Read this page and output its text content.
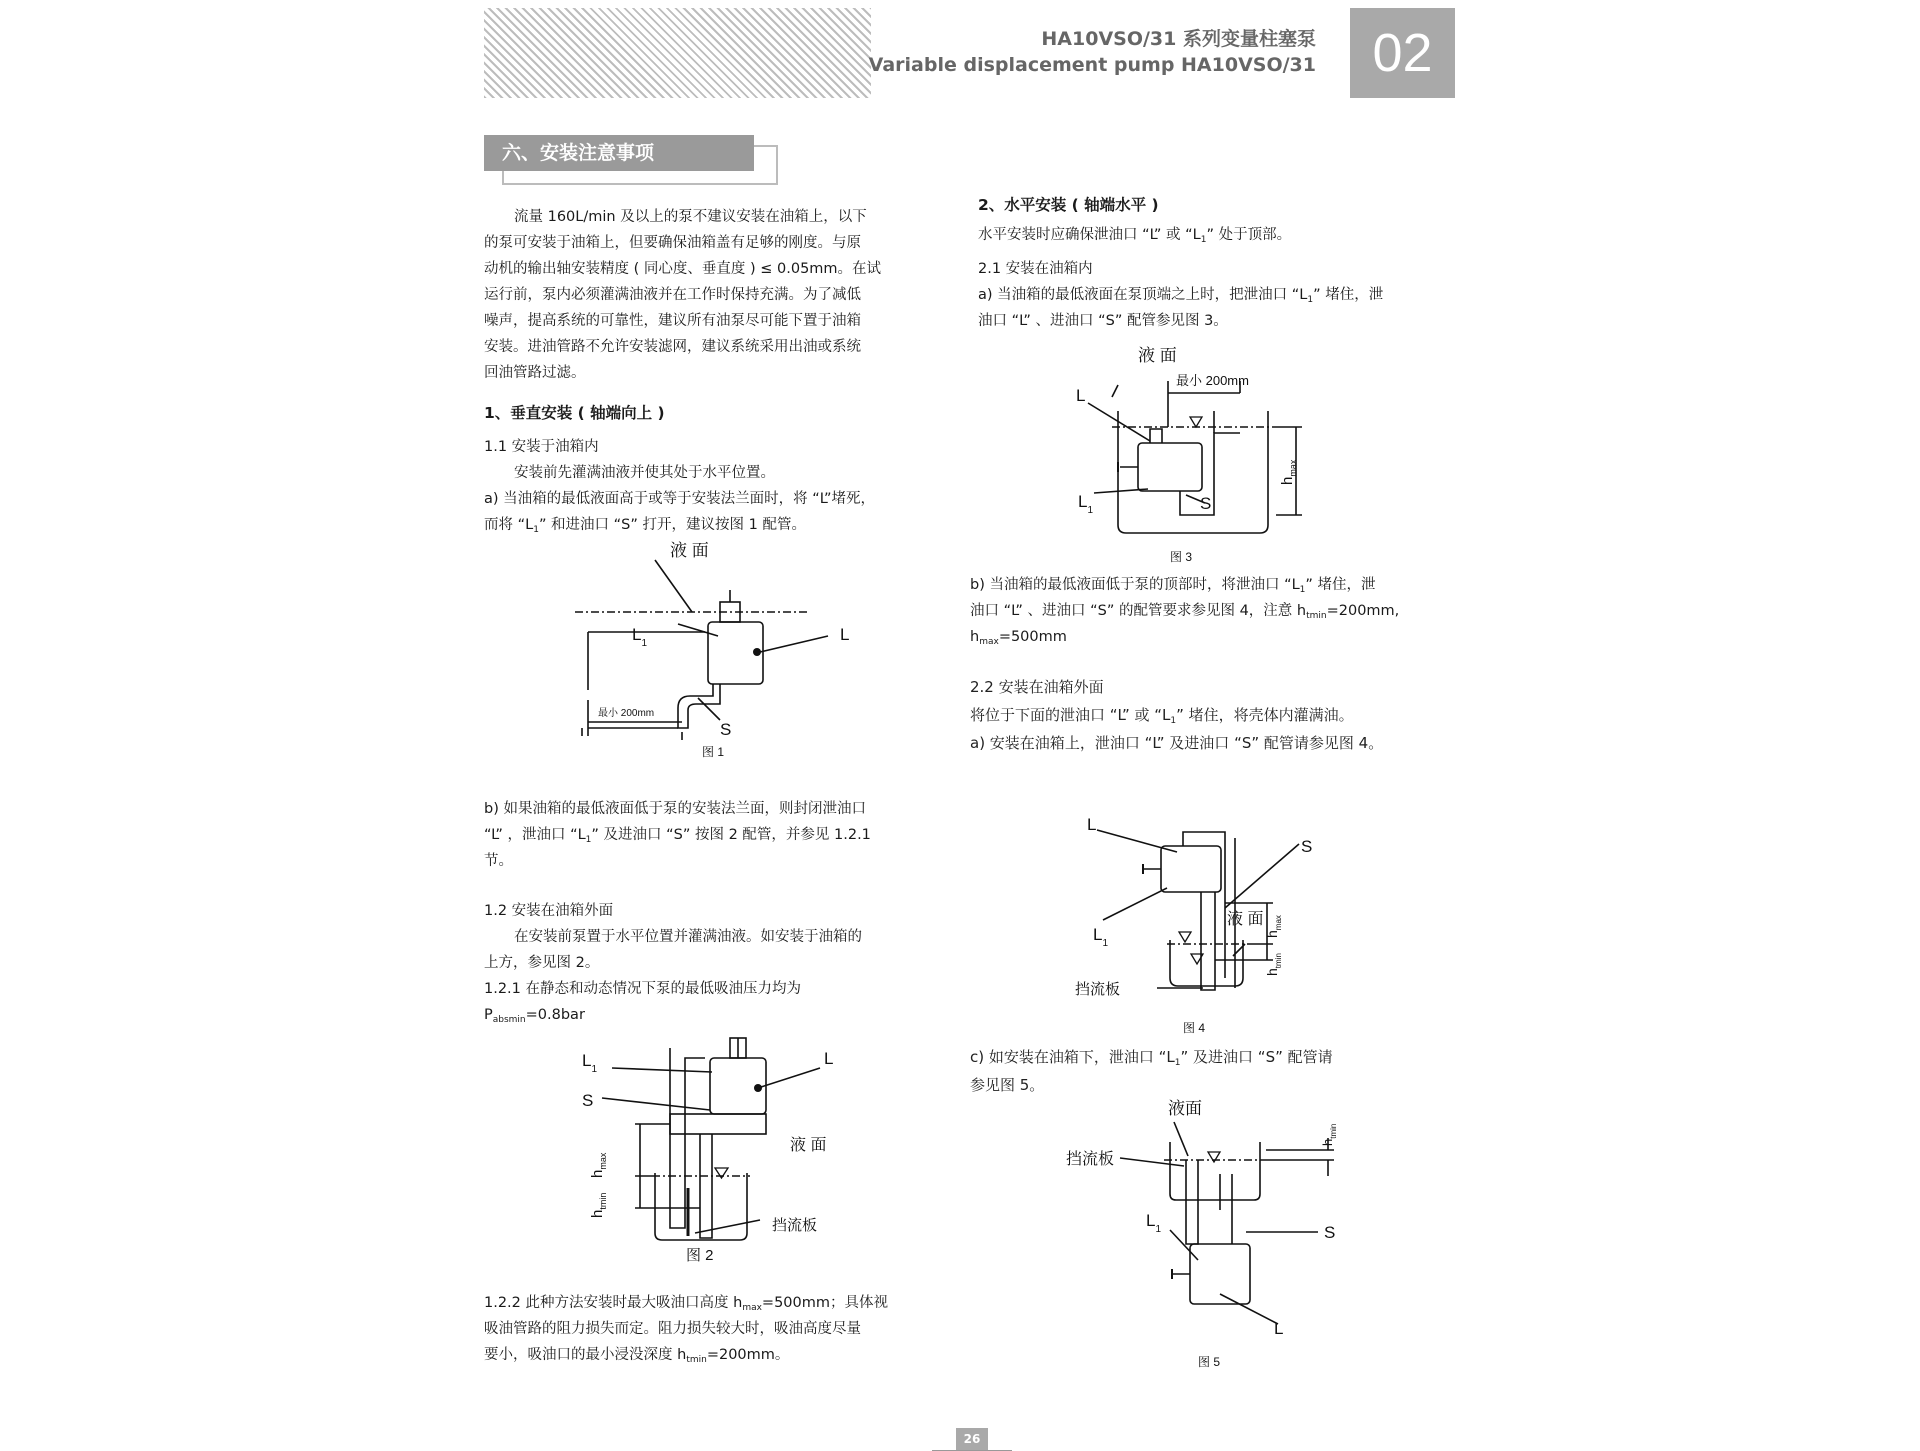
HA10VSO/31 系列变量柱塞泵
Variable displacement pump HA10VSO/31	02
六、安装注意事项
流量 160L/min 及以上的泵不建议安装在油箱上，以下
的泵可安装于油箱上，但要确保油箱盖有足够的刚度。与原
动机的输出轴安装精度 ( 同心度、垂直度 ) ≤ 0.05mm。在试
运行前，泵内必须灌满油液并在工作时保持充满。为了减低
噪声，提高系统的可靠性，建议所有油泵尽可能下置于油箱
安装。进油管路不允许安装滤网，建议系统采用出油或系统
回油管路过滤。
1、垂直安装 ( 轴端向上 )
1.1 安装于油箱内
安装前先灌满油液并使其处于水平位置。
a) 当油箱的最低液面高于或等于安装法兰面时，将 “L”堵死，
而将 “$L_1$” 和进油口 “S” 打开，建议按图 1 配管。
液 面
$L_1$	L
S
最小 200mm
图 1
b) 如果油箱的最低液面低于泵的安装法兰面，则封闭泄油口
“L” ，泄油口 “$L_1$” 及进油口 “S” 按图 2 配管，并参见 1.2.1
节。
1.2 安装在油箱外面
在安装前泵置于水平位置并灌满油液。如安装于油箱的
上方，参见图 2。
1.2.1 在静态和动态情况下泵的最低吸油压力均为
$P_{absmin}=0.8bar$
$L_1$
L
S
液 面
挡流板
$h_{max}$
$h_{tmin}$
图 2
1.2.2 此种方法安装时最大吸油口高度 $h_{max}=500mm$；具体视
吸油管路的阻力损失而定。阻力损失较大时，吸油高度尽量
要小，吸油口的最小浸没深度 $h_{tmin}=200mm$。
2、水平安装 ( 轴端水平 )
水平安装时应确保泄油口 “L” 或 “$L_1$” 处于顶部。
2.1 安装在油箱内
a) 当油箱的最低液面在泵顶端之上时，把泄油口 “$L_1$” 堵住，泄
油口 “L” 、进油口 “S” 配管参见图 3。
液 面
最小 200mm
L
$L_1$	S
$h_{max}$
图 3
b) 当油箱的最低液面低于泵的顶部时，将泄油口 “$L_1$” 堵住，泄
油口 “L” 、进油口 “S” 的配管要求参见图 4，注意 $h_{tmin}=200mm$,
$h_{max}=500mm$
2.2 安装在油箱外面
将位于下面的泄油口 “L” 或 “$L_1$” 堵住，将壳体内灌满油。
a) 安装在油箱上，泄油口 “L” 及进油口 “S” 配管请参见图 4。
L
S
$L_1$
液 面
挡流板
$h_{max}$
$h_{tmin}$
图 4
c) 如安装在油箱下，泄油口 “$L_1$” 及进油口 “S” 配管请
参见图 5。
液面
挡流板
$L_1$	S
L
$h_{tmin}$
图 5
26
